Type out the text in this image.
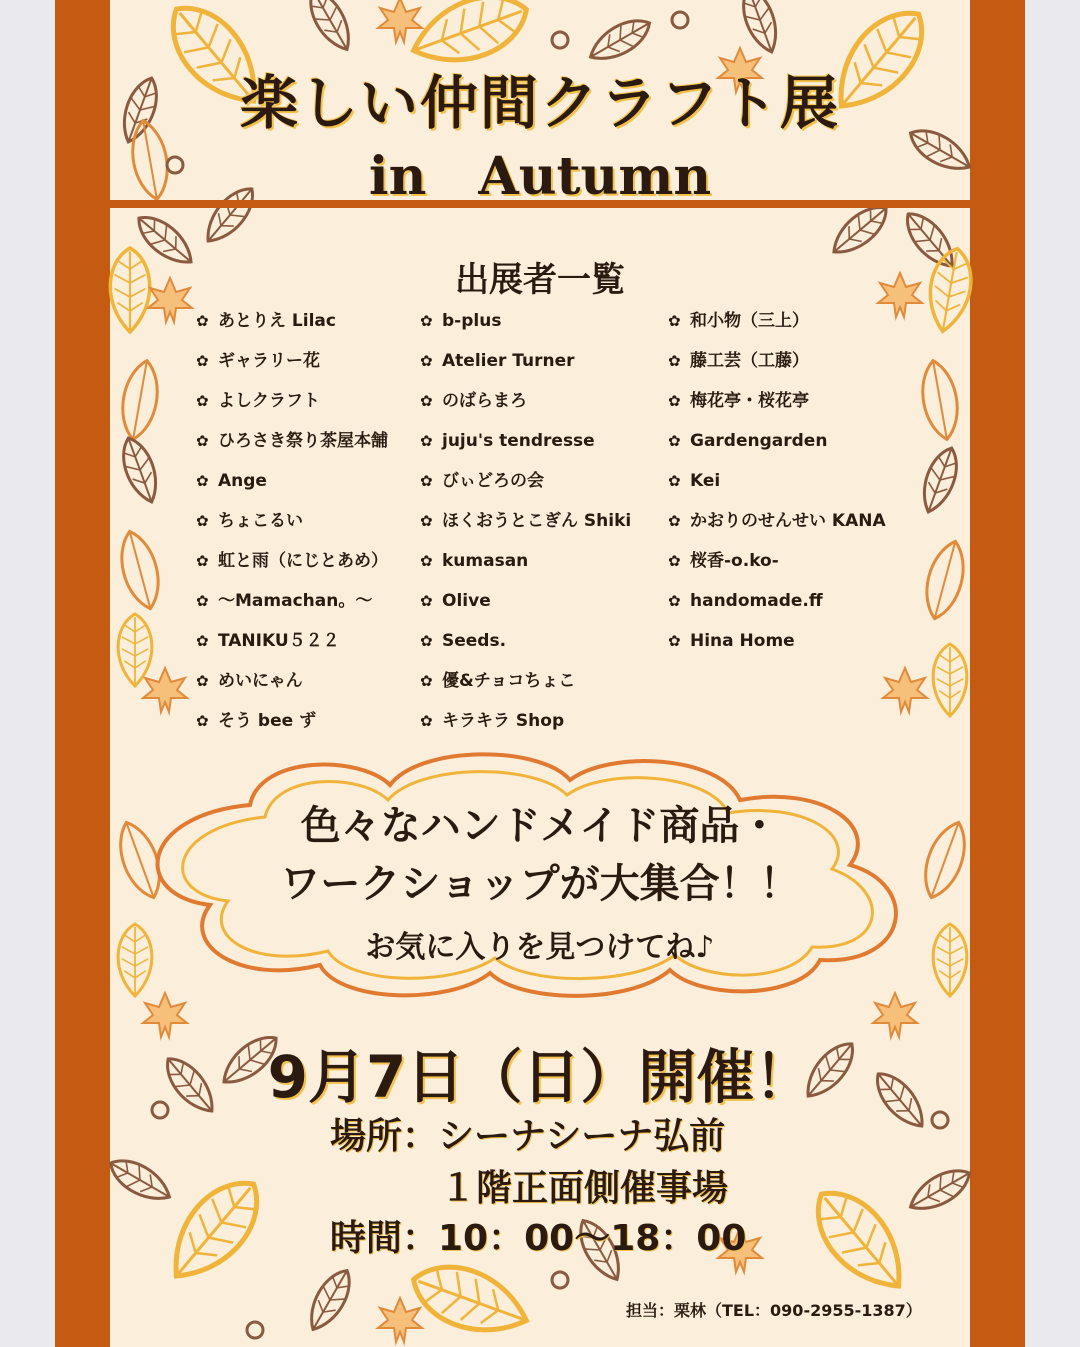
楽しい仲間クラフト展
in　Autumn
出展者一覧
✿ あとりえ Lilac
✿ ギャラリー花
✿ よしクラフト
✿ ひろさき祭り茶屋本舗
✿ Ange
✿ ちょこるい
✿ 虹と雨（にじとあめ）
✿ ～Mamachan。～
✿ TANIKU５２２
✿ めいにゃん
✿ そう bee ず
✿ b-plus
✿ Atelier Turner
✿ のばらまろ
✿ juju's tendresse
✿ びぃどろの会
✿ ほくおうとこぎん Shiki
✿ kumasan
✿ Olive
✿ Seeds.
✿ 優&チョコちょこ
✿ キラキラ Shop
✿ 和小物（三上）
✿ 藤工芸（工藤）
✿ 梅花亭・桜花亭
✿ Gardengarden
✿ Kei
✿ かおりのせんせい KANA
✿ 桜香-o.ko-
✿ handomade.ff
✿ Hina Home
色々なハンドメイド商品・
ワークショップが大集合！！
お気に入りを見つけてね♪
9月7日（日）開催！
場所：シーナシーナ弘前
１階正面側催事場
時間：10：00～18：00
担当：栗林（TEL：090-2955-1387）
